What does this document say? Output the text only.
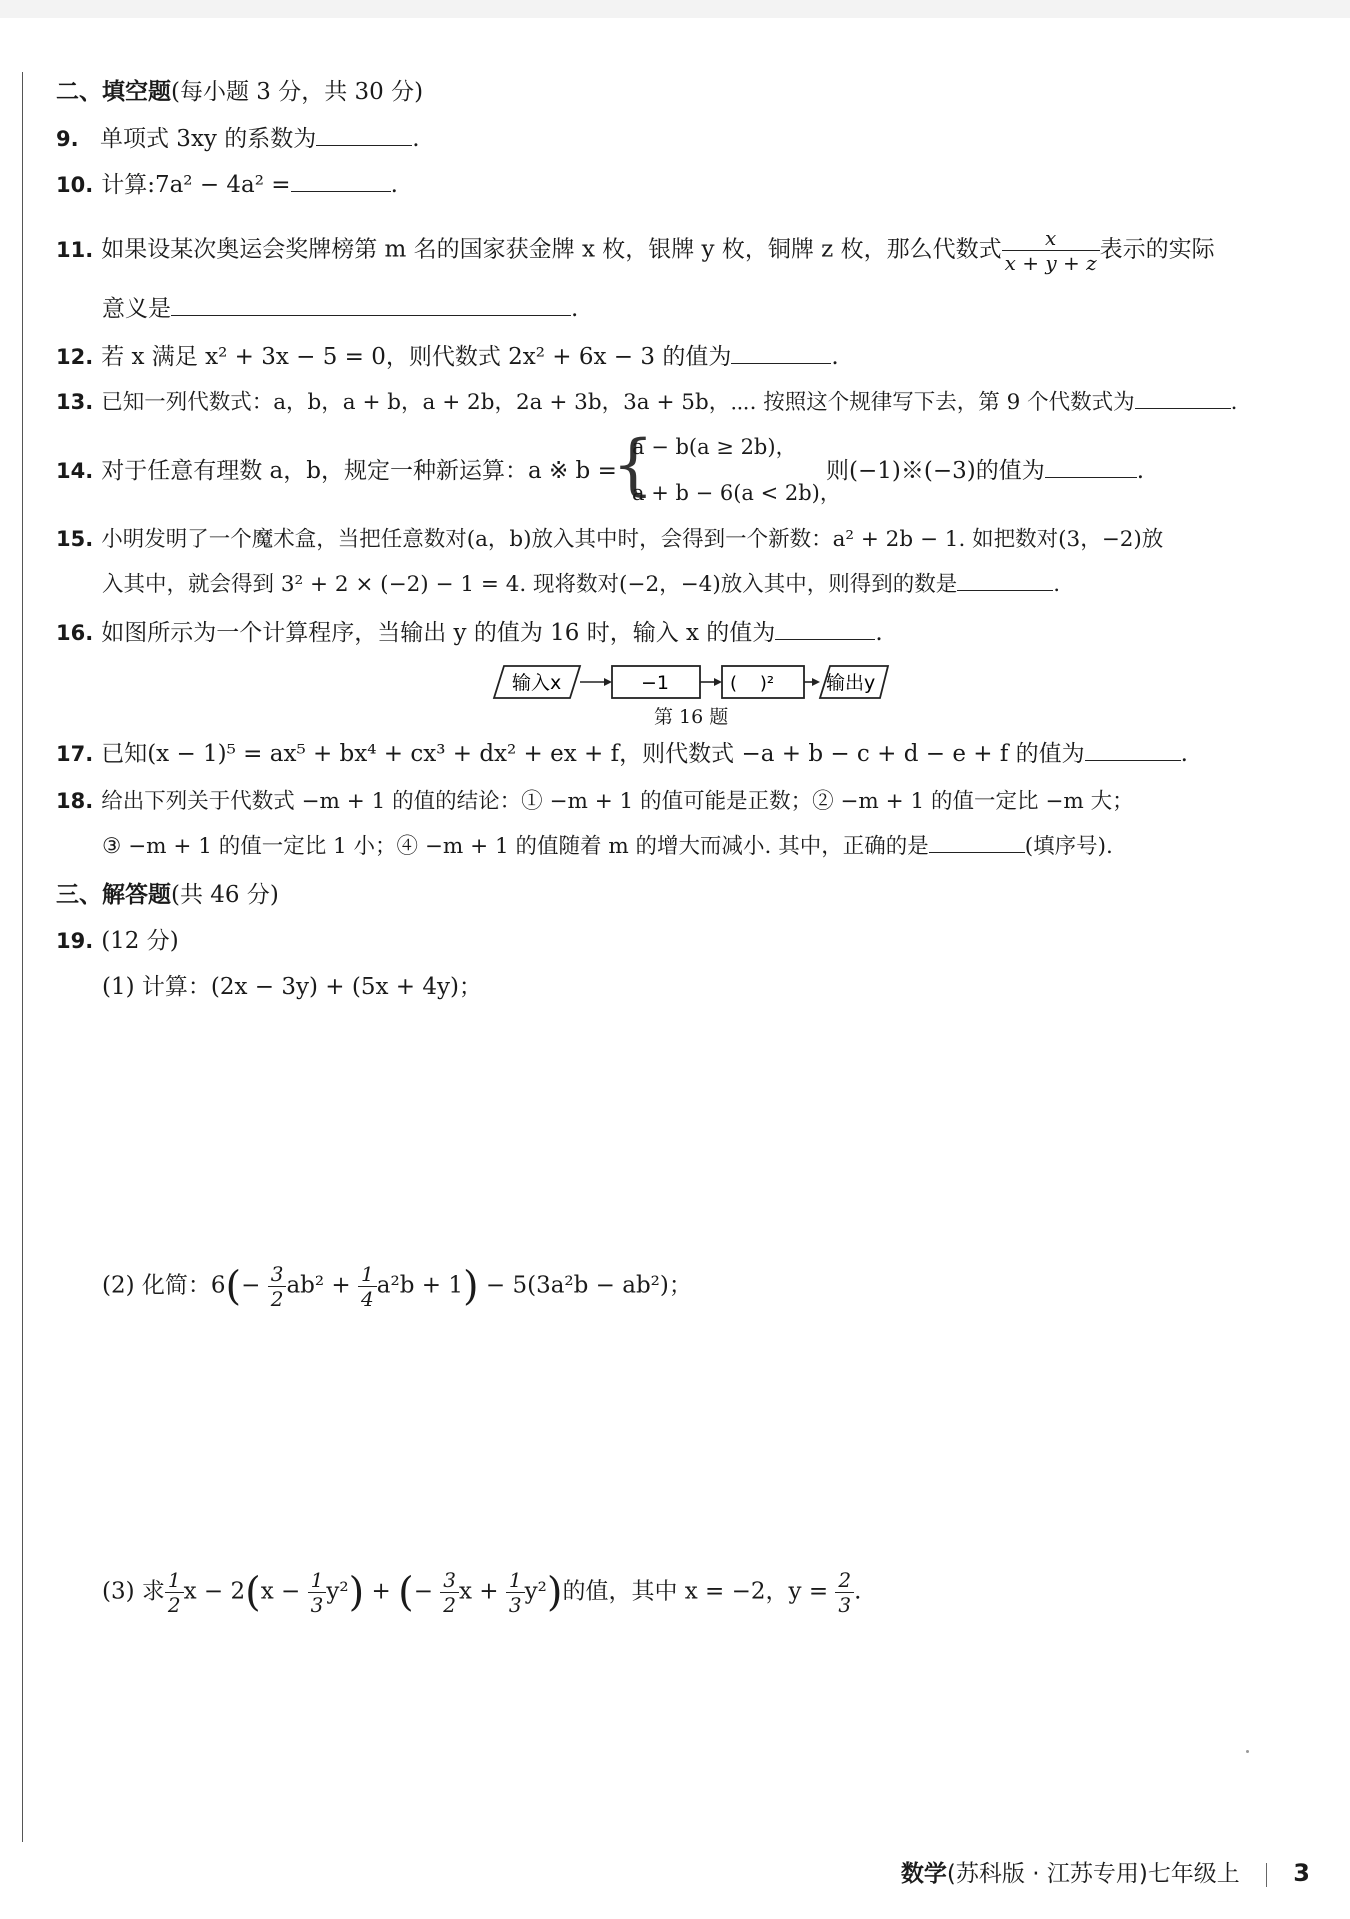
二、填空题(每小题 3 分，共 30 分)
9. 单项式 3xy 的系数为	.
10. 计算:7a² − 4a² =	.
11. 如果设某次奥运会奖牌榜第 m 名的国家获金牌 x 枚，银牌 y 枚，铜牌 z 枚，那么代数式 $\frac{x}{x + y + z}$ 表示的实际
意义是	.
12. 若 x 满足 x² + 3x − 5 = 0，则代数式 2x² + 6x − 3 的值为	.
13. 已知一列代数式：a，b，a + b，a + 2b，2a + 3b，3a + 5b，⋯. 按照这个规律写下去，第 9 个代数式为	.
14. 对于任意有理数 a，b，规定一种新运算：a ※ b =
{
a − b(a ≥ 2b)，
a + b − 6(a < 2b)，
则(−1)※(−3)的值为	.
15. 小明发明了一个魔术盒，当把任意数对(a，b)放入其中时，会得到一个新数：a² + 2b − 1. 如把数对(3，−2)放
入其中，就会得到 3² + 2 × (−2) − 1 = 4. 现将数对(−2，−4)放入其中，则得到的数是	.
16. 如图所示为一个计算程序，当输出 y 的值为 16 时，输入 x 的值为	.
输入x	−1	(    )²	输出y
第 16 题
17. 已知(x − 1)⁵ = ax⁵ + bx⁴ + cx³ + dx² + ex + f，则代数式 −a + b − c + d − e + f 的值为	.
18. 给出下列关于代数式 −m + 1 的值的结论：① −m + 1 的值可能是正数；② −m + 1 的值一定比 −m 大；
③ −m + 1 的值一定比 1 小；④ −m + 1 的值随着 m 的增大而减小. 其中，正确的是	(填序号).
三、解答题(共 46 分)
19. (12 分)
(1) 计算：(2x − 3y) + (5x + 4y)；
(2) 化简：$6(- \frac{3}{2} ab^2 + \frac{1}{4} a^2b + 1) - 5(3a^2b - ab^2)$；
(3) 求 $\frac{1}{2}$ $x - 2(x - \frac{1}{3} y^2)$ + (− $\frac{3}{2}$ $x + \frac{1}{3} y^2$)的值，其中 x = −2，$y = \frac{2}{3}$ .
数学(苏科版 · 江苏专用)七年级上 3
